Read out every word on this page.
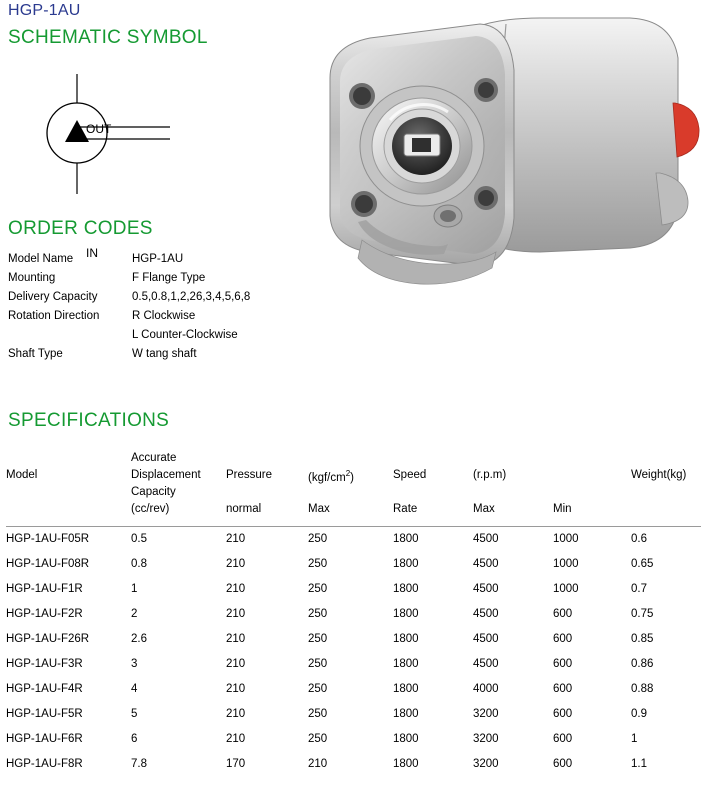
HGP-1AU
SCHEMATIC SYMBOL
OUT
IN
ORDER CODES
Model Name	HGP-1AU
Mounting	F Flange Type
Delivery Capacity	0.5,0.8,1,2,26,3,4,5,6,8
Rotation Direction	R Clockwise
	L Counter-Clockwise
Shaft Type	W tang shaft
SPECIFICATIONS
	Accurate						
Model	Displacement	Pressure	$(kgf/cm^2)$	Speed	(r.p.m)		Weight(kg)
	Capacity						
	(cc/rev)	normal	Max	Rate	Max	Min	
HGP-1AU-F05R	0.5	210	250	1800	4500	1000	0.6
HGP-1AU-F08R	0.8	210	250	1800	4500	1000	0.65
HGP-1AU-F1R	1	210	250	1800	4500	1000	0.7
HGP-1AU-F2R	2	210	250	1800	4500	600	0.75
HGP-1AU-F26R	2.6	210	250	1800	4500	600	0.85
HGP-1AU-F3R	3	210	250	1800	4500	600	0.86
HGP-1AU-F4R	4	210	250	1800	4000	600	0.88
HGP-1AU-F5R	5	210	250	1800	3200	600	0.9
HGP-1AU-F6R	6	210	250	1800	3200	600	1
HGP-1AU-F8R	7.8	170	210	1800	3200	600	1.1
